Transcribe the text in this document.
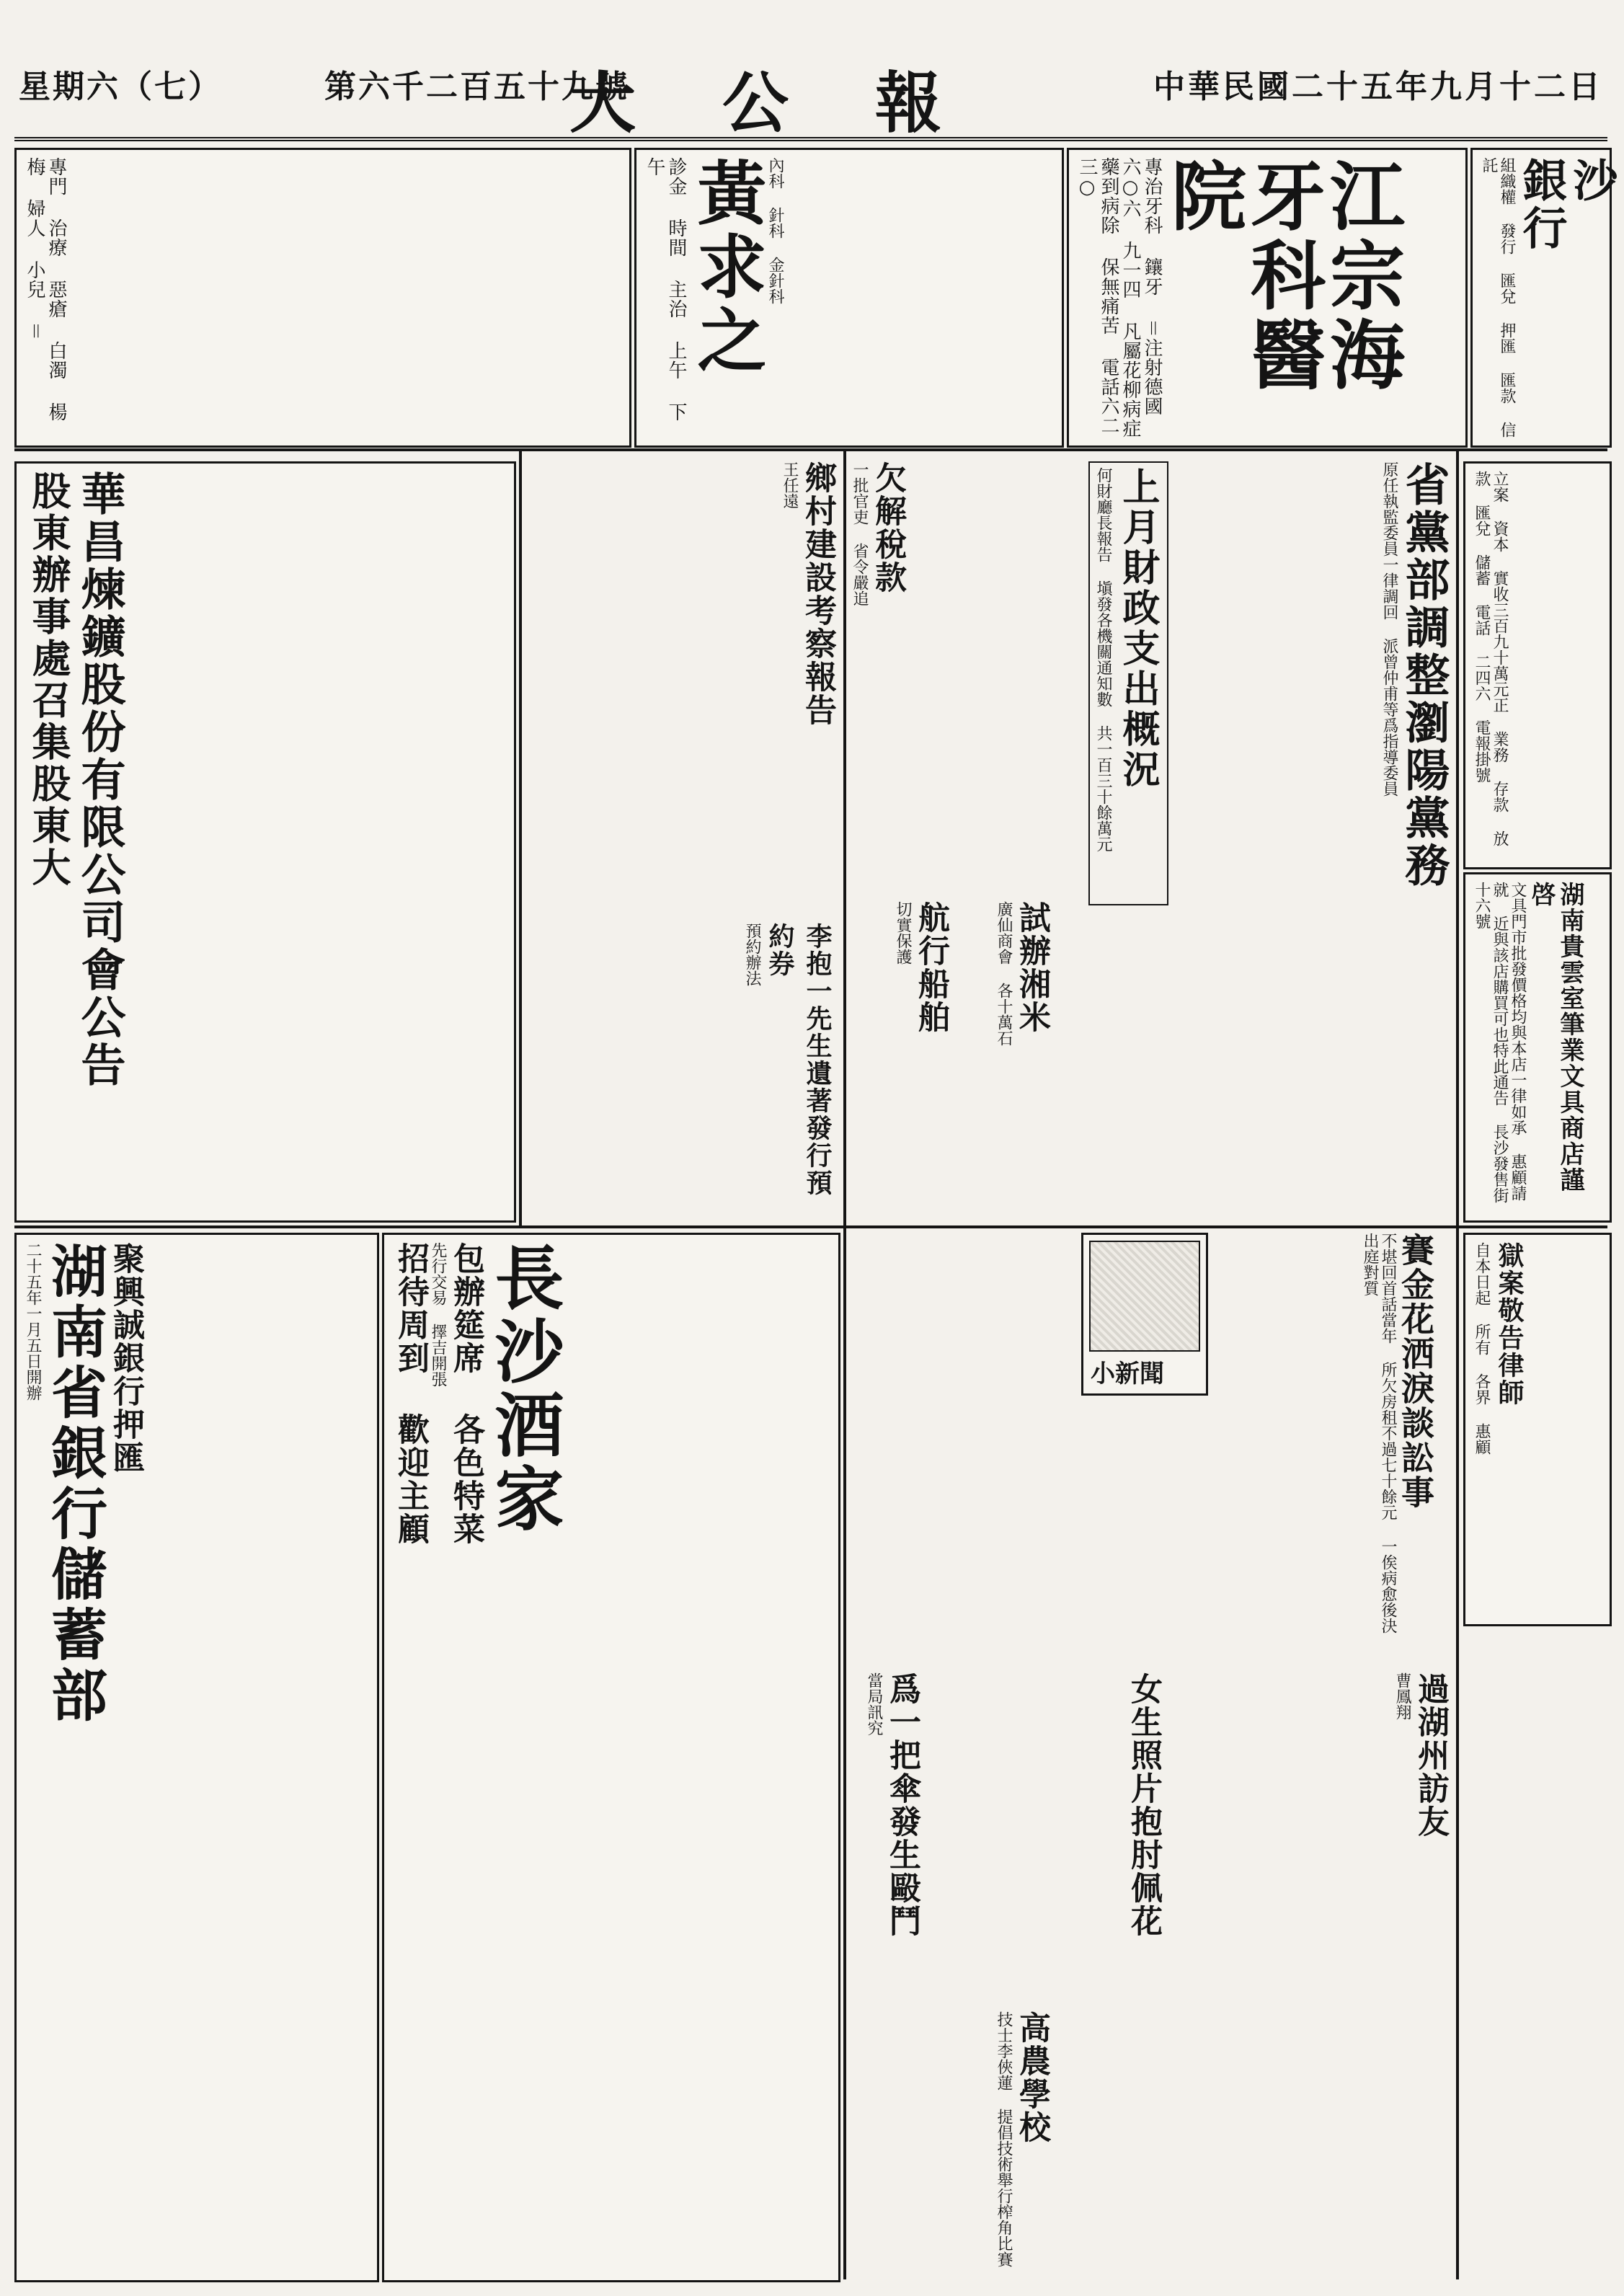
中華民國二十五年九月十二日
大公報
第六千二百五十九號
星期六（七）
沙
銀行
組織權 發行 匯兌 押匯 匯款 信託
江宗海牙科醫院
專治牙科 鑲牙 ＝注射德國 六○六 九一四 凡屬花柳病症 藥到病除 保無痛苦 電話六二三○
內科 針科 金針科
黃求之
診金 時間 主治 上午 下午
專門 治療 惡瘡 白濁 楊梅 婦人 小兒 ＝
立案 資本 實收三百九十萬元正 業務 存款 放款 匯兌 儲蓄 電話 二四六 電報掛號
湖南貴雲室筆業文具商店謹啓
文具門市批發價格均與本店一律如承 惠顧請就 近與該店購買可也特此通告 長沙發售街十六號
獄案敬告律師
自本日起 所有 各界 惠顧
省黨部調整瀏陽黨務
原任執監委員一律調回 派曾仲甫等爲指導委員
上月財政支出概況
何財廳長報告 塡發各機關通知數 共一百三十餘萬元
試辦湘米
廣仙商會 各十萬石
航行船舶
切實保護
欠解稅款
一批官吏 省令嚴追
鄉村建設考察報告
王任遠
李抱一先生遺著發行預約券
預約辦法
華昌煉鑛股份有限公司會公告
股東辦事處召集股東大
賽金花洒淚談訟事
不堪回首話當年 所欠房租不過七十餘元 一俟病愈後決出庭對質
小新聞
過湖州訪友
曹鳳翔
爲一把傘發生毆鬥
當局訊究	女生照片抱肘佩花
高農學校
技士李俠蓮 提倡技術舉行榨角比賽
長沙酒家
包辦筵席 各色特菜
先行交易 擇吉開張
招待周到 歡迎主顧
聚興誠銀行押匯
湖南省銀行儲蓄部
二十五年一月五日開辦
